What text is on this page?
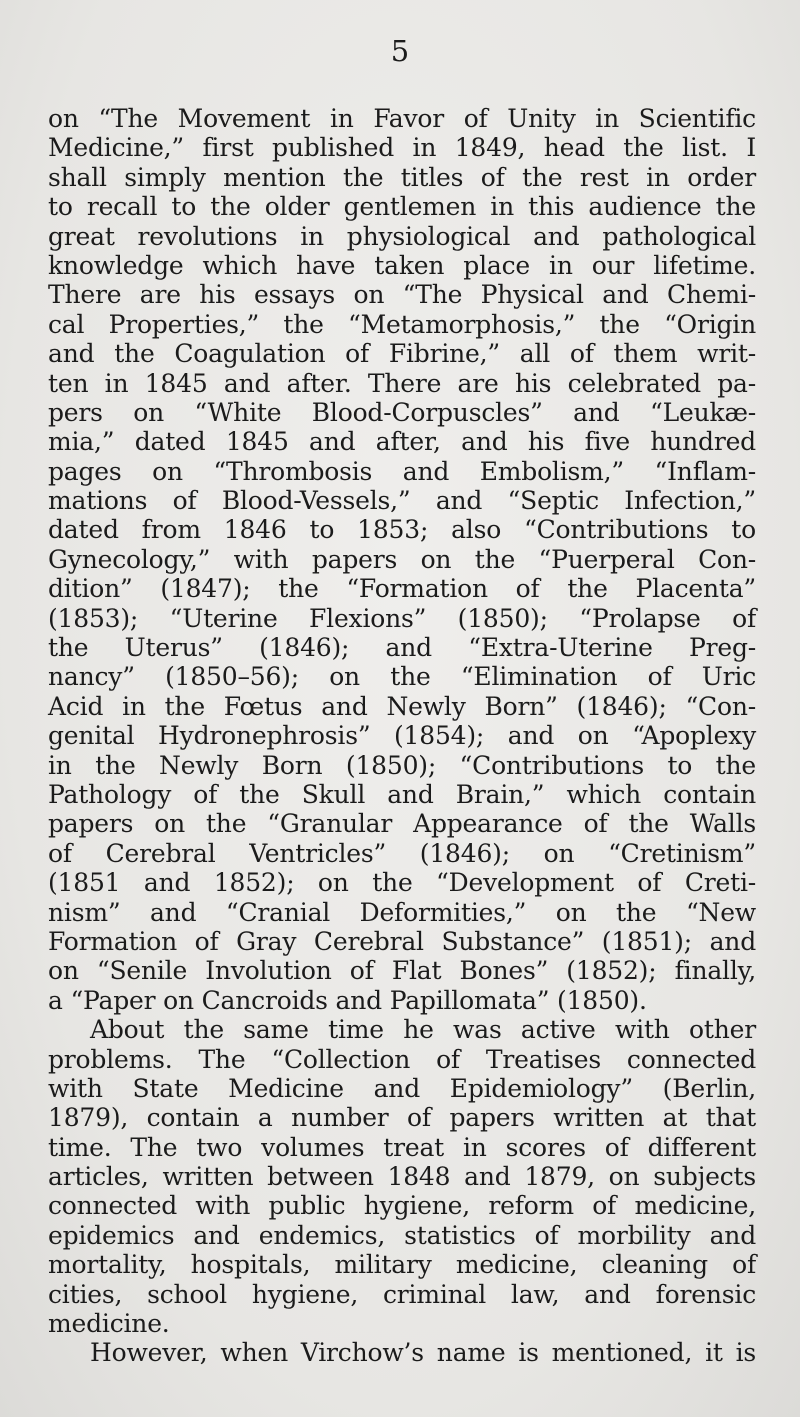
5
on “The Movement in Favor of Unity in Scientific
Medicine,” first published in 1849, head the list. I
shall simply mention the titles of the rest in order
to recall to the older gentlemen in this audience the
great revolutions in physiological and pathological
knowledge which have taken place in our lifetime.
There are his essays on “The Physical and Chemi-
cal Properties,” the “Metamorphosis,” the “Origin
and the Coagulation of Fibrine,” all of them writ-
ten in 1845 and after. There are his celebrated pa-
pers on “White Blood-Corpuscles” and “Leukæ-
mia,” dated 1845 and after, and his five hundred
pages on “Thrombosis and Embolism,” “Inflam-
mations of Blood-Vessels,” and “Septic Infection,”
dated from 1846 to 1853; also “Contributions to
Gynecology,” with papers on the “Puerperal Con-
dition” (1847); the “Formation of the Placenta”
(1853); “Uterine Flexions” (1850); “Prolapse of
the Uterus” (1846); and “Extra-Uterine Preg-
nancy” (1850–56); on the “Elimination of Uric
Acid in the Fœtus and Newly Born” (1846); “Con-
genital Hydronephrosis” (1854); and on “Apoplexy
in the Newly Born (1850); “Contributions to the
Pathology of the Skull and Brain,” which contain
papers on the “Granular Appearance of the Walls
of Cerebral Ventricles” (1846); on “Cretinism”
(1851 and 1852); on the “Development of Creti-
nism” and “Cranial Deformities,” on the “New
Formation of Gray Cerebral Substance” (1851); and
on “Senile Involution of Flat Bones” (1852); finally,
a “Paper on Cancroids and Papillomata” (1850).
About the same time he was active with other
problems. The “Collection of Treatises connected
with State Medicine and Epidemiology” (Berlin,
1879), contain a number of papers written at that
time. The two volumes treat in scores of different
articles, written between 1848 and 1879, on subjects
connected with public hygiene, reform of medicine,
epidemics and endemics, statistics of morbility and
mortality, hospitals, military medicine, cleaning of
cities, school hygiene, criminal law, and forensic
medicine.
However, when Virchow’s name is mentioned, it is
